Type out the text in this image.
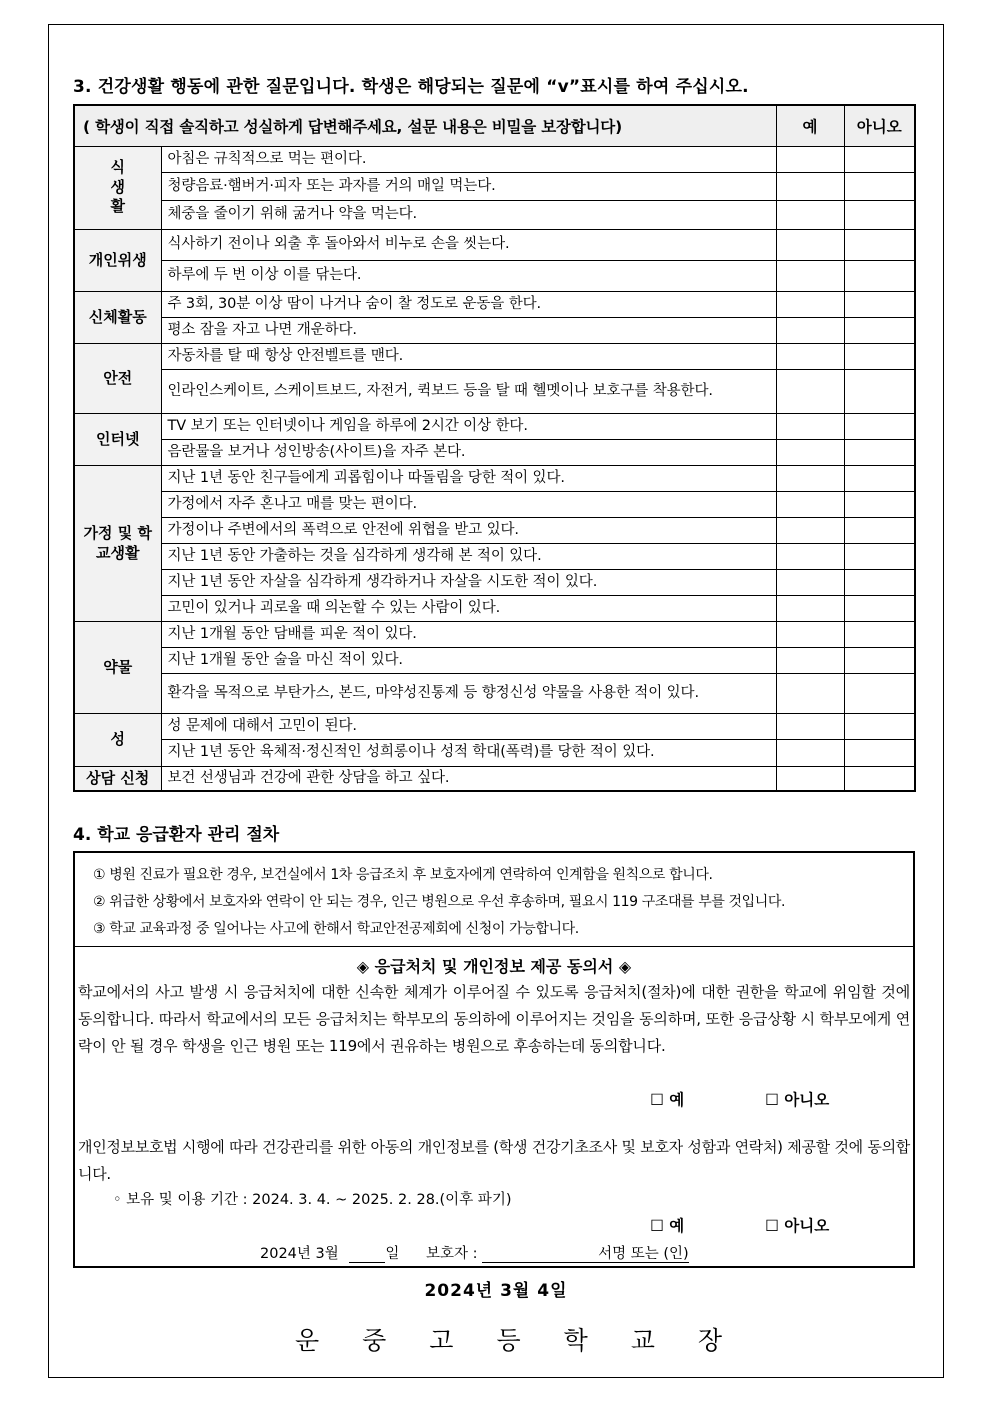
3. 건강생활 행동에 관한 질문입니다. 학생은 해당되는 질문에 “v”표시를 하여 주십시오.
( 학생이 직접 솔직하고 성실하게 답변해주세요, 설문 내용은 비밀을 보장합니다)		예	아니오
식생활	아침은 규칙적으로 먹는 편이다.		
	청량음료·햄버거·피자 또는 과자를 거의 매일 먹는다.		
	체중을 줄이기 위해 굶거나 약을 먹는다.		
개인위생	식사하기 전이나 외출 후 돌아와서 비누로 손을 씻는다.		
	하루에 두 번 이상 이를 닦는다.		
신체활동	주 3회, 30분 이상 땀이 나거나 숨이 찰 정도로 운동을 한다.		
	평소 잠을 자고 나면 개운하다.		
안전	자동차를 탈 때 항상 안전벨트를 맨다.		
	인라인스케이트, 스케이트보드, 자전거, 퀵보드 등을 탈 때 헬멧이나 보호구를 착용한다.		
인터넷	TV 보기 또는 인터넷이나 게임을 하루에 2시간 이상 한다.		
	음란물을 보거나 성인방송(사이트)을 자주 본다.		
가정 및 학교생활	지난 1년 동안 친구들에게 괴롭힘이나 따돌림을 당한 적이 있다.		
	가정에서 자주 혼나고 매를 맞는 편이다.		
	가정이나 주변에서의 폭력으로 안전에 위협을 받고 있다.		
	지난 1년 동안 가출하는 것을 심각하게 생각해 본 적이 있다.		
	지난 1년 동안 자살을 심각하게 생각하거나 자살을 시도한 적이 있다.		
	고민이 있거나 괴로울 때 의논할 수 있는 사람이 있다.		
약물	지난 1개월 동안 담배를 피운 적이 있다.		
	지난 1개월 동안 술을 마신 적이 있다.		
	환각을 목적으로 부탄가스, 본드, 마약성진통제 등 향정신성 약물을 사용한 적이 있다.		
성	성 문제에 대해서 고민이 된다.		
	지난 1년 동안 육체적·정신적인 성희롱이나 성적 학대(폭력)를 당한 적이 있다.		
상담 신청	보건 선생님과 건강에 관한 상담을 하고 싶다.		
4. 학교 응급환자 관리 절차
① 병원 진료가 필요한 경우, 보건실에서 1차 응급조치 후 보호자에게 연락하여 인계함을 원칙으로 합니다.
② 위급한 상황에서 보호자와 연락이 안 되는 경우, 인근 병원으로 우선 후송하며, 필요시 119 구조대를 부를 것입니다.
③ 학교 교육과정 중 일어나는 사고에 한해서 학교안전공제회에 신청이 가능합니다.
◈ 응급처치 및 개인정보 제공 동의서 ◈
학교에서의 사고 발생 시 응급처치에 대한 신속한 체계가 이루어질 수 있도록 응급처치(절차)에 대한 권한을 학교에 위임할 것에 동의합니다. 따라서 학교에서의 모든 응급처치는 학부모의 동의하에 이루어지는 것임을 동의하며, 또한 응급상황 시 학부모에게 연락이 안 될 경우 학생을 인근 병원 또는 119에서 권유하는 병원으로 후송하는데 동의합니다.
☐ 예	☐ 아니오
개인정보보호법 시행에 따라 건강관리를 위한 아동의 개인정보를 (학생 건강기초조사 및 보호자 성함과 연락처) 제공할 것에 동의합니다.
◦ 보유 및 이용 기간 : 2024. 3. 4. ~ 2025. 2. 28.(이후 파기)
☐ 예	☐ 아니오
2024년 3월	일 보호자 :	서명 또는 (인)
2024년 3월 4일
운중고등학교장
